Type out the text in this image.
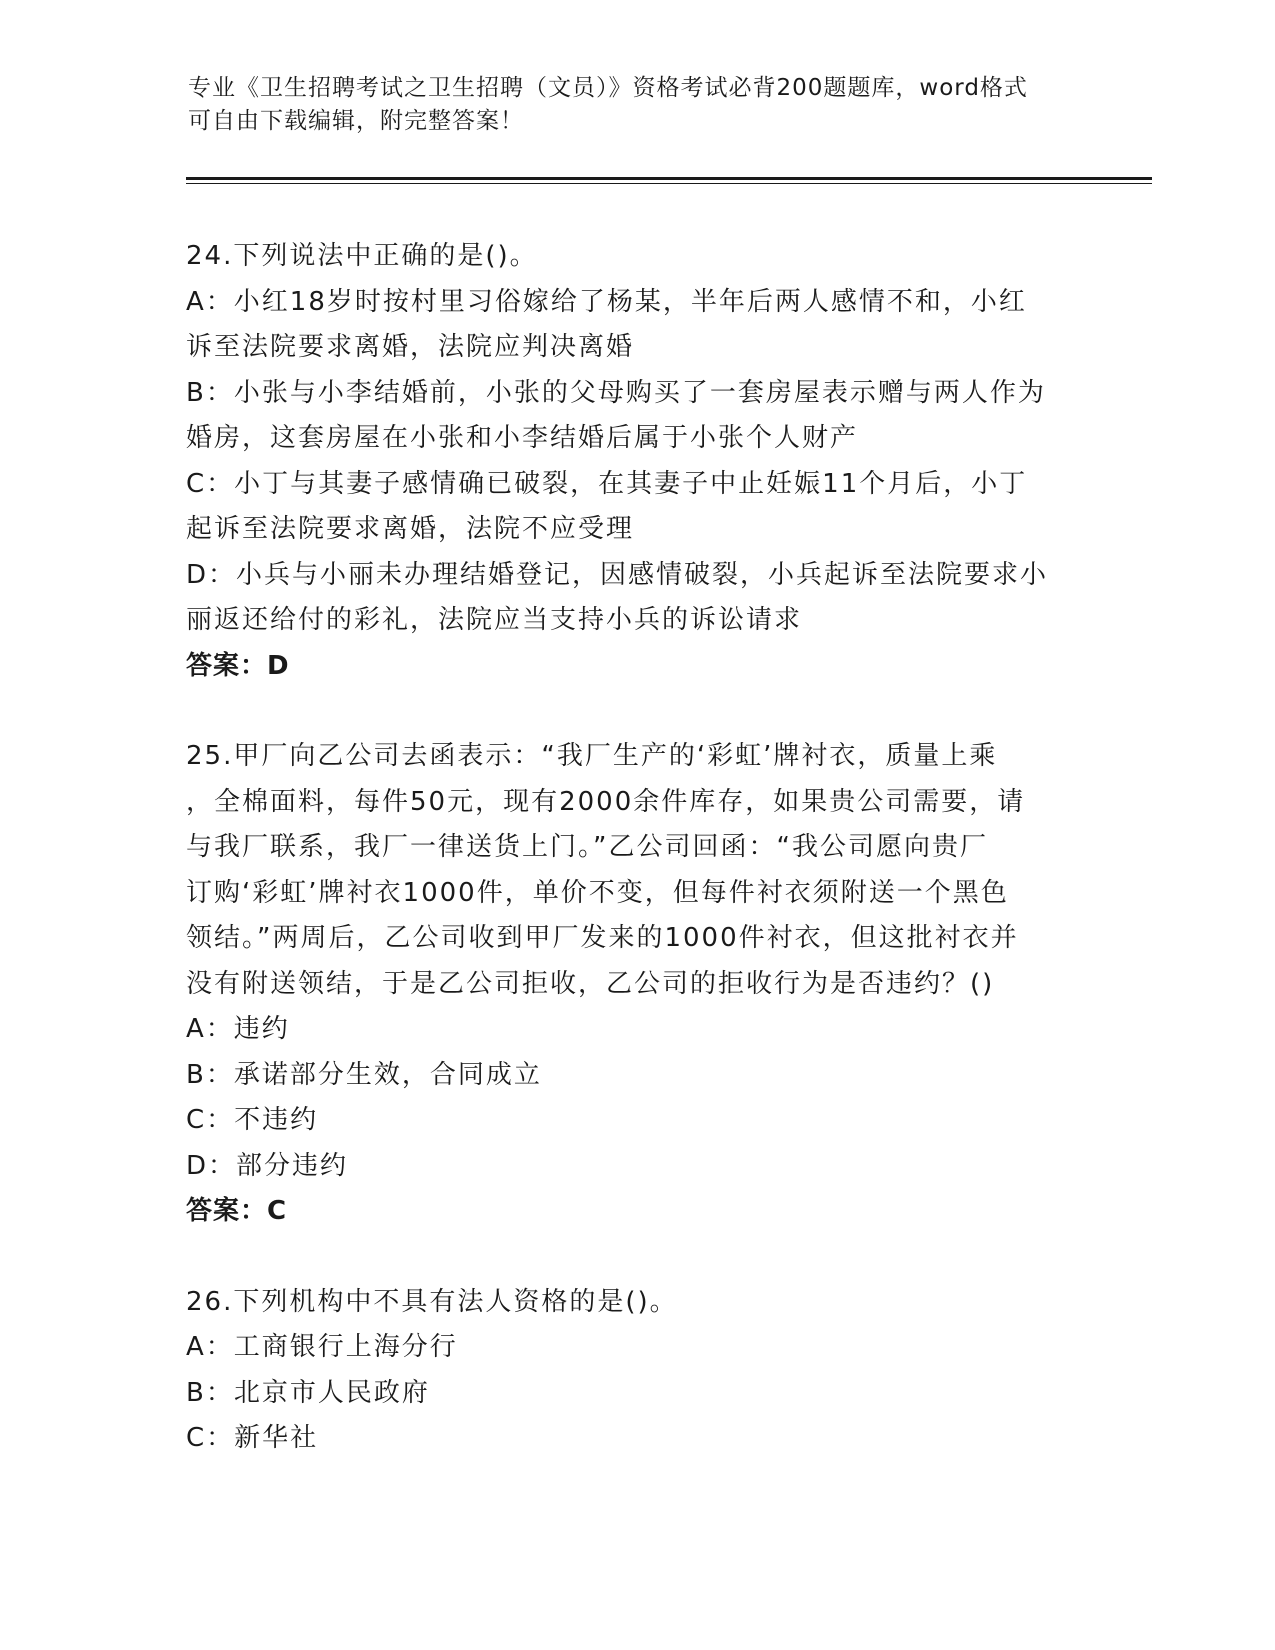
专业《卫生招聘考试之卫生招聘（文员）》资格考试必背200题题库，word格式
可自由下载编辑，附完整答案！
24.下列说法中正确的是()。
A：小红18岁时按村里习俗嫁给了杨某，半年后两人感情不和，小红
诉至法院要求离婚，法院应判决离婚
B：小张与小李结婚前，小张的父母购买了一套房屋表示赠与两人作为
婚房，这套房屋在小张和小李结婚后属于小张个人财产
C：小丁与其妻子感情确已破裂，在其妻子中止妊娠11个月后，小丁
起诉至法院要求离婚，法院不应受理
D：小兵与小丽未办理结婚登记，因感情破裂，小兵起诉至法院要求小
丽返还给付的彩礼，法院应当支持小兵的诉讼请求
答案：D
25.甲厂向乙公司去函表示：“我厂生产的‘彩虹’牌衬衣，质量上乘
，全棉面料，每件50元，现有2000余件库存，如果贵公司需要，请
与我厂联系，我厂一律送货上门。”乙公司回函：“我公司愿向贵厂
订购‘彩虹’牌衬衣1000件，单价不变，但每件衬衣须附送一个黑色
领结。”两周后，乙公司收到甲厂发来的1000件衬衣，但这批衬衣并
没有附送领结，于是乙公司拒收，乙公司的拒收行为是否违约？()
A：违约
B：承诺部分生效，合同成立
C：不违约
D：部分违约
答案：C
26.下列机构中不具有法人资格的是()。
A：工商银行上海分行
B：北京市人民政府
C：新华社
